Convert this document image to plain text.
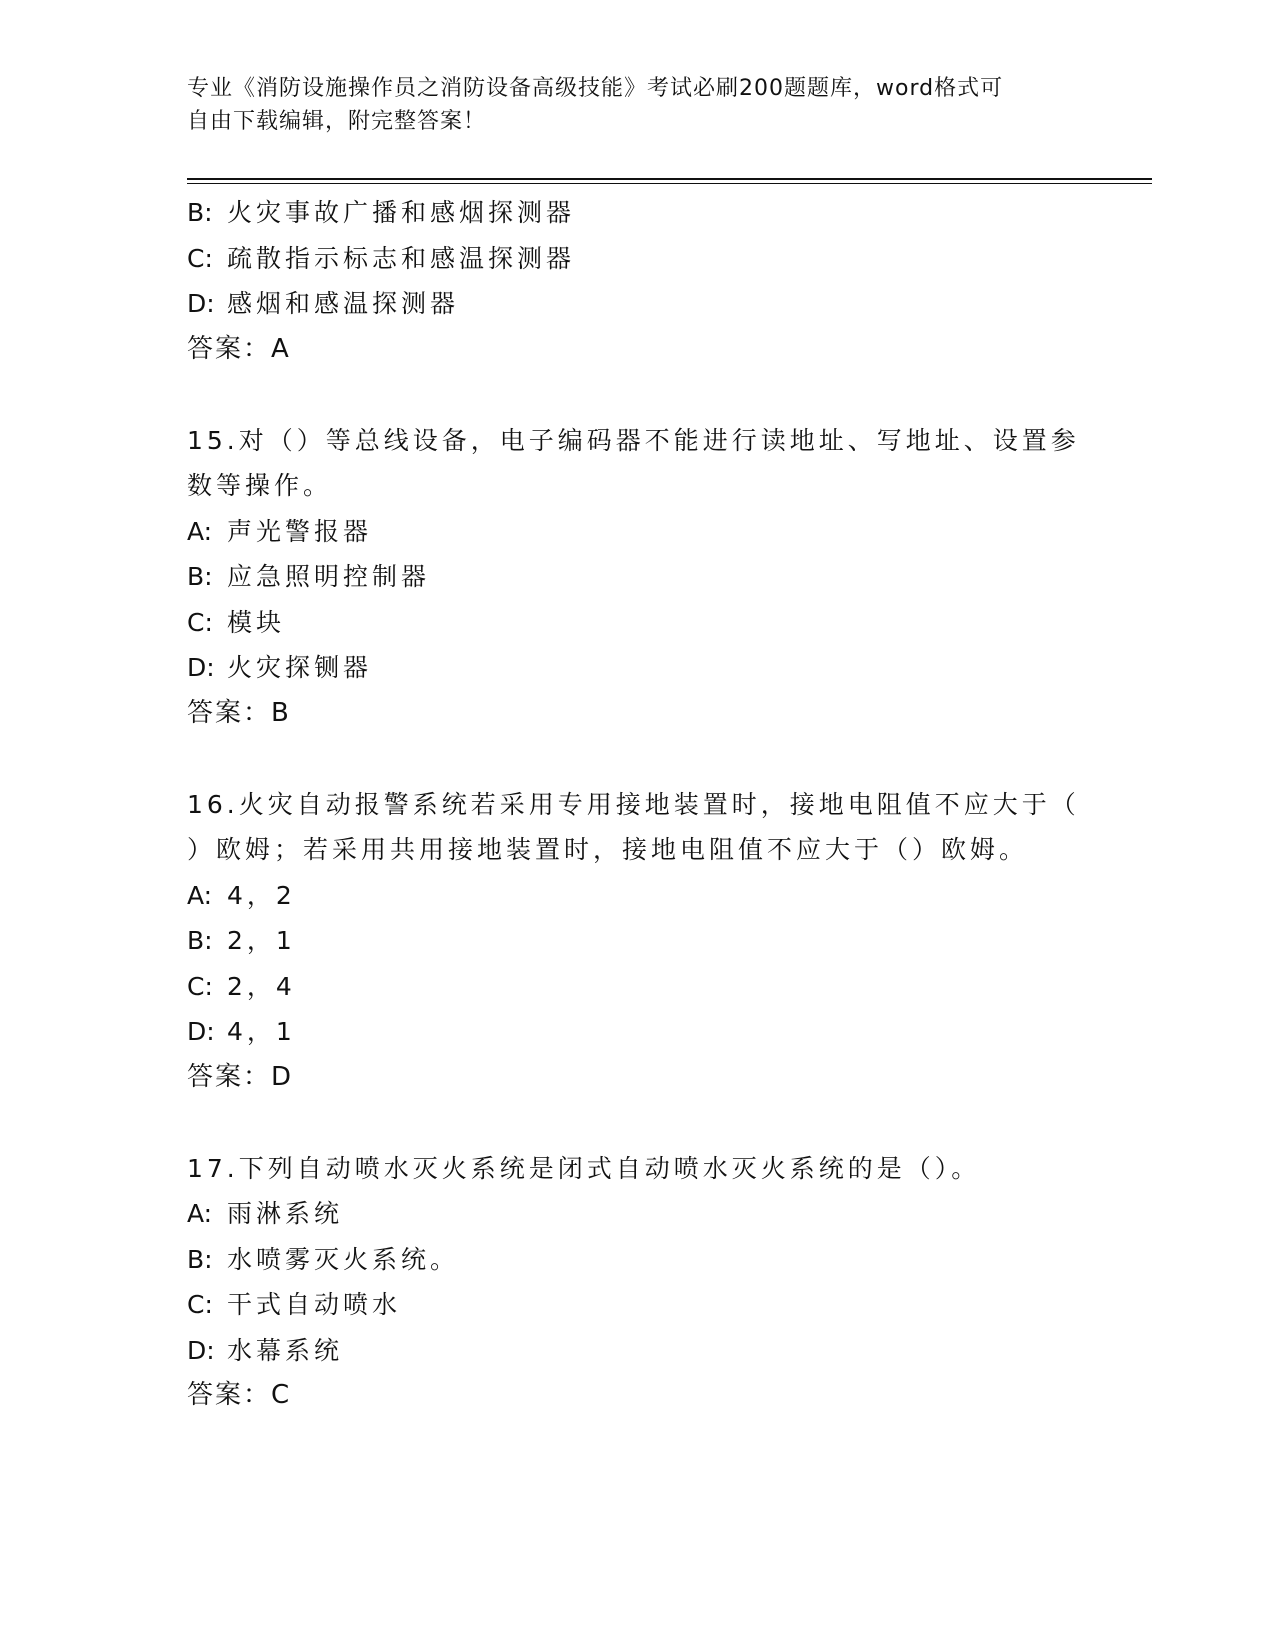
专业《消防设施操作员之消防设备高级技能》考试必刷200题题库，word格式可
自由下载编辑，附完整答案！
B: 火灾事故广播和感烟探测器
C: 疏散指示标志和感温探测器
D: 感烟和感温探测器
答案：A
15.对（）等总线设备，电子编码器不能进行读地址、写地址、设置参
数等操作。
A: 声光警报器
B: 应急照明控制器
C: 模块
D: 火灾探铡器
答案：B
16.火灾自动报警系统若采用专用接地装置时，接地电阻值不应大于（
）欧姆；若采用共用接地装置时，接地电阻值不应大于（）欧姆。
A: 4，2
B: 2，1
C: 2，4
D: 4，1
答案：D
17.下列自动喷水灭火系统是闭式自动喷水灭火系统的是（）。
A: 雨淋系统
B: 水喷雾灭火系统。
C: 干式自动喷水
D: 水幕系统
答案：C
